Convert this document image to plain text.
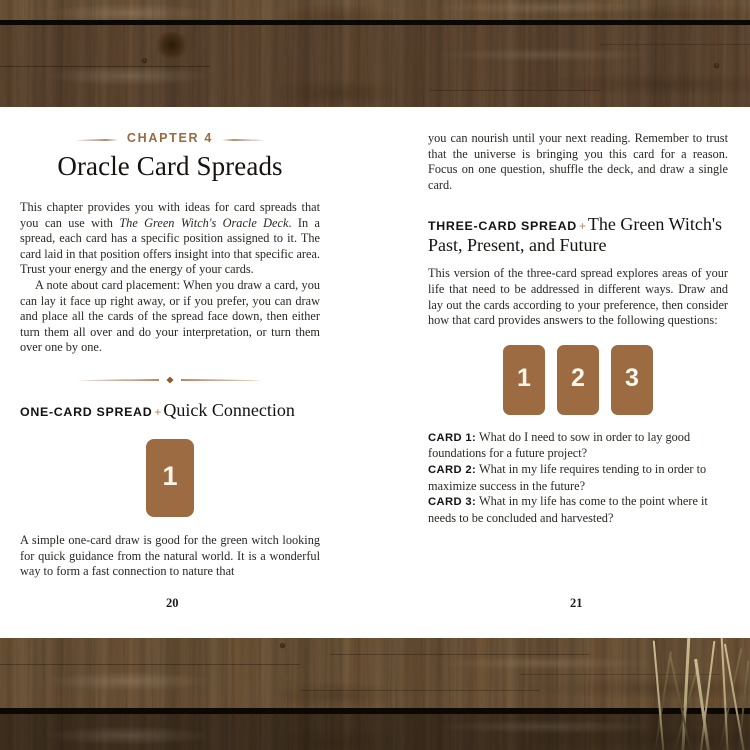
CHAPTER 4
Oracle Card Spreads

This chapter provides you with ideas for card spreads that you can use with The Green Witch's Oracle Deck. In a spread, each card has a specific position assigned to it. The card laid in that position offers insight into that specific area. Trust your energy and the energy of your cards.

A note about card placement: When you draw a card, you can lay it face up right away, or if you prefer, you can draw and place all the cards of the spread face down, then either turn them all over and do your interpretation, or turn them over one by one.

ONE-CARD SPREAD + Quick Connection
1

A simple one-card draw is good for the green witch looking for quick guidance from the natural world. It is a wonderful way to form a fast connection to nature that

you can nourish until your next reading. Remember to trust that the universe is bringing you this card for a reason. Focus on one question, shuffle the deck, and draw a single card.

THREE-CARD SPREAD + The Green Witch's Past, Present, and Future

This version of the three-card spread explores areas of your life that need to be addressed in different ways. Draw and lay out the cards according to your preference, then consider how that card provides answers to the following questions:

1	2	3

CARD 1: What do I need to sow in order to lay good foundations for a future project?

CARD 2: What in my life requires tending to in order to maximize success in the future?

CARD 3: What in my life has come to the point where it needs to be concluded and harvested?

20	21
